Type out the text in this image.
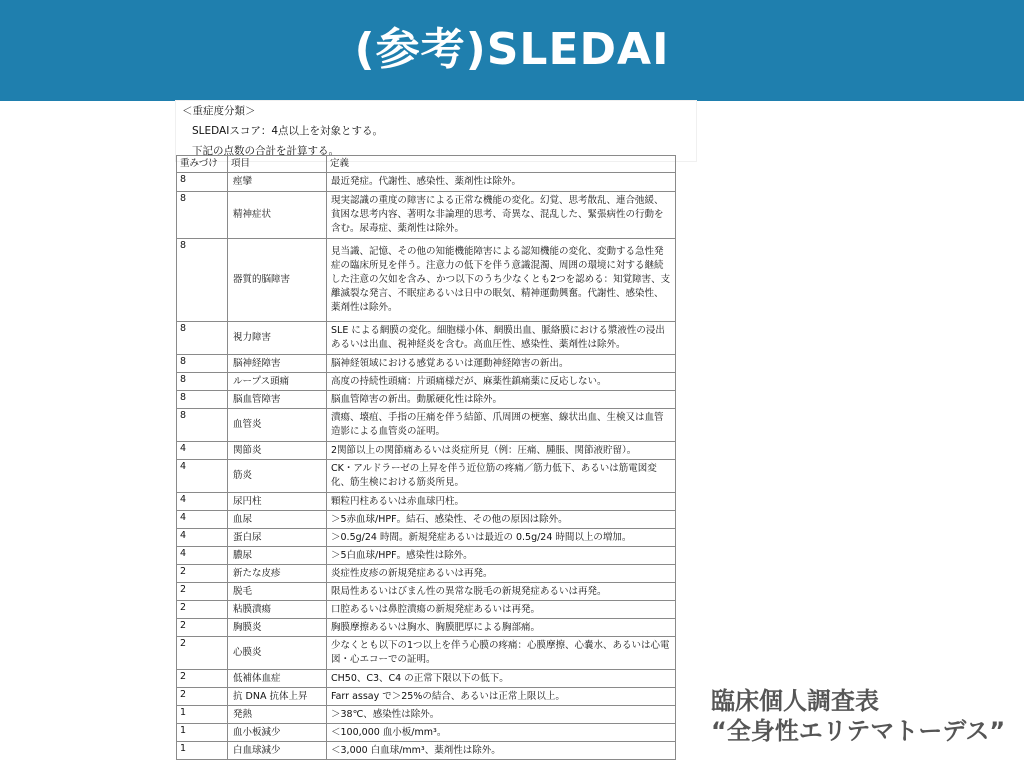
(参考)SLEDAI
＜重症度分類＞
SLEDAIスコア：4点以上を対象とする。
下記の点数の合計を計算する。
重みづけ	項目	定義
8	痙攣	最近発症。代謝性、感染性、薬剤性は除外。
8	精神症状	現実認識の重度の障害による正常な機能の変化。幻覚、思考散乱、連合弛緩、貧困な思考内容、著明な非論理的思考、奇異な、混乱した、緊張病性の行動を含む。尿毒症、薬剤性は除外。
8	器質的脳障害	見当識、記憶、その他の知能機能障害による認知機能の変化、変動する急性発症の臨床所見を伴う。注意力の低下を伴う意識混濁、周囲の環境に対する継続した注意の欠如を含み、かつ以下のうち少なくとも2つを認める：知覚障害、支離滅裂な発言、不眠症あるいは日中の眠気、精神運動興奮。代謝性、感染性、薬剤性は除外。
8	視力障害	SLE による網膜の変化。細胞様小体、網膜出血、脈絡膜における漿液性の浸出あるいは出血、視神経炎を含む。高血圧性、感染性、薬剤性は除外。
8	脳神経障害	脳神経領域における感覚あるいは運動神経障害の新出。
8	ループス頭痛	高度の持続性頭痛：片頭痛様だが、麻薬性鎮痛薬に反応しない。
8	脳血管障害	脳血管障害の新出。動脈硬化性は除外。
8	血管炎	潰瘍、壊疽、手指の圧痛を伴う結節、爪周囲の梗塞、線状出血、生検又は血管造影による血管炎の証明。
4	関節炎	2関節以上の関節痛あるいは炎症所見（例：圧痛、腫脹、関節液貯留）。
4	筋炎	CK・アルドラーゼの上昇を伴う近位筋の疼痛／筋力低下、あるいは筋電図変化、筋生検における筋炎所見。
4	尿円柱	顆粒円柱あるいは赤血球円柱。
4	血尿	＞5赤血球/HPF。結石、感染性、その他の原因は除外。
4	蛋白尿	＞0.5g/24 時間。新規発症あるいは最近の 0.5g/24 時間以上の増加。
4	膿尿	＞5白血球/HPF。感染性は除外。
2	新たな皮疹	炎症性皮疹の新規発症あるいは再発。
2	脱毛	限局性あるいはびまん性の異常な脱毛の新規発症あるいは再発。
2	粘膜潰瘍	口腔あるいは鼻腔潰瘍の新規発症あるいは再発。
2	胸膜炎	胸膜摩擦あるいは胸水、胸膜肥厚による胸部痛。
2	心膜炎	少なくとも以下の1つ以上を伴う心膜の疼痛：心膜摩擦、心嚢水、あるいは心電図・心エコーでの証明。
2	低補体血症	CH50、C3、C4 の正常下限以下の低下。
2	抗 DNA 抗体上昇	Farr assay で＞25%の結合、あるいは正常上限以上。
1	発熱	＞38℃、感染性は除外。
1	血小板減少	＜100,000 血小板/mm³。
1	白血球減少	＜3,000 白血球/mm³、薬剤性は除外。
臨床個人調査表
“全身性エリテマトーデス”
